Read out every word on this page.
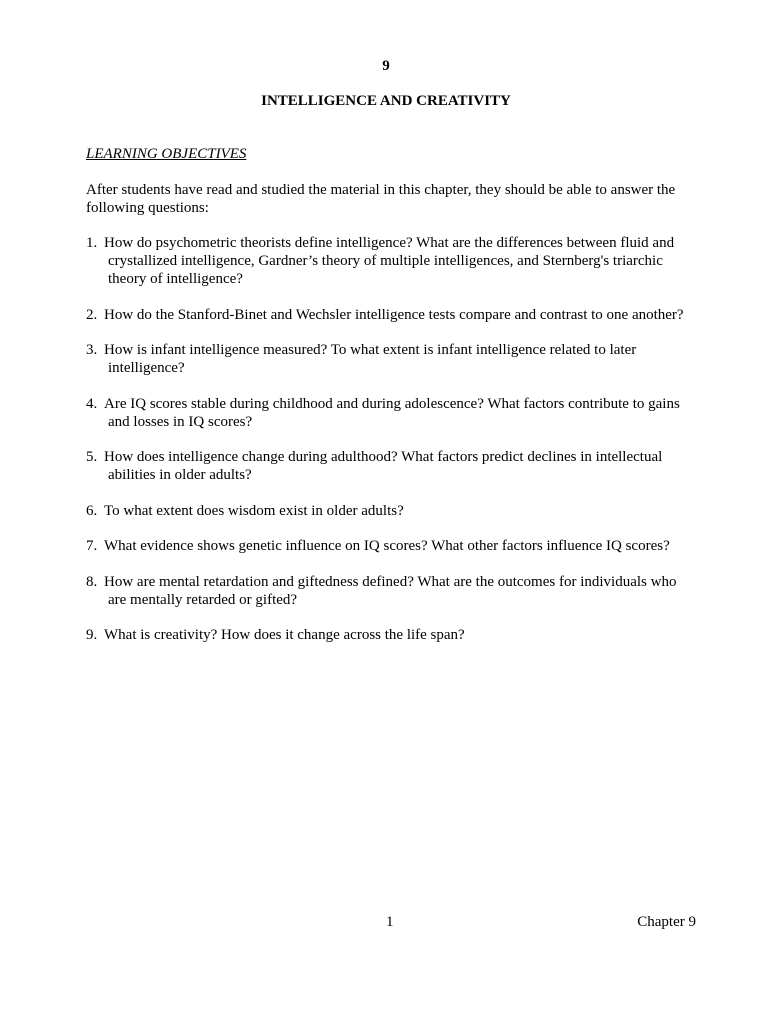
9
INTELLIGENCE AND CREATIVITY
LEARNING OBJECTIVES
After students have read and studied the material in this chapter, they should be able to answer the following questions:
1. How do psychometric theorists define intelligence? What are the differences between fluid and crystallized intelligence, Gardner’s theory of multiple intelligences, and Sternberg's triarchic theory of intelligence?
2. How do the Stanford-Binet and Wechsler intelligence tests compare and contrast to one another?
3. How is infant intelligence measured? To what extent is infant intelligence related to later intelligence?
4. Are IQ scores stable during childhood and during adolescence? What factors contribute to gains and losses in IQ scores?
5. How does intelligence change during adulthood? What factors predict declines in intellectual abilities in older adults?
6. To what extent does wisdom exist in older adults?
7. What evidence shows genetic influence on IQ scores? What other factors influence IQ scores?
8. How are mental retardation and giftedness defined? What are the outcomes for individuals who are mentally retarded or gifted?
9. What is creativity? How does it change across the life span?
1	Chapter 9
